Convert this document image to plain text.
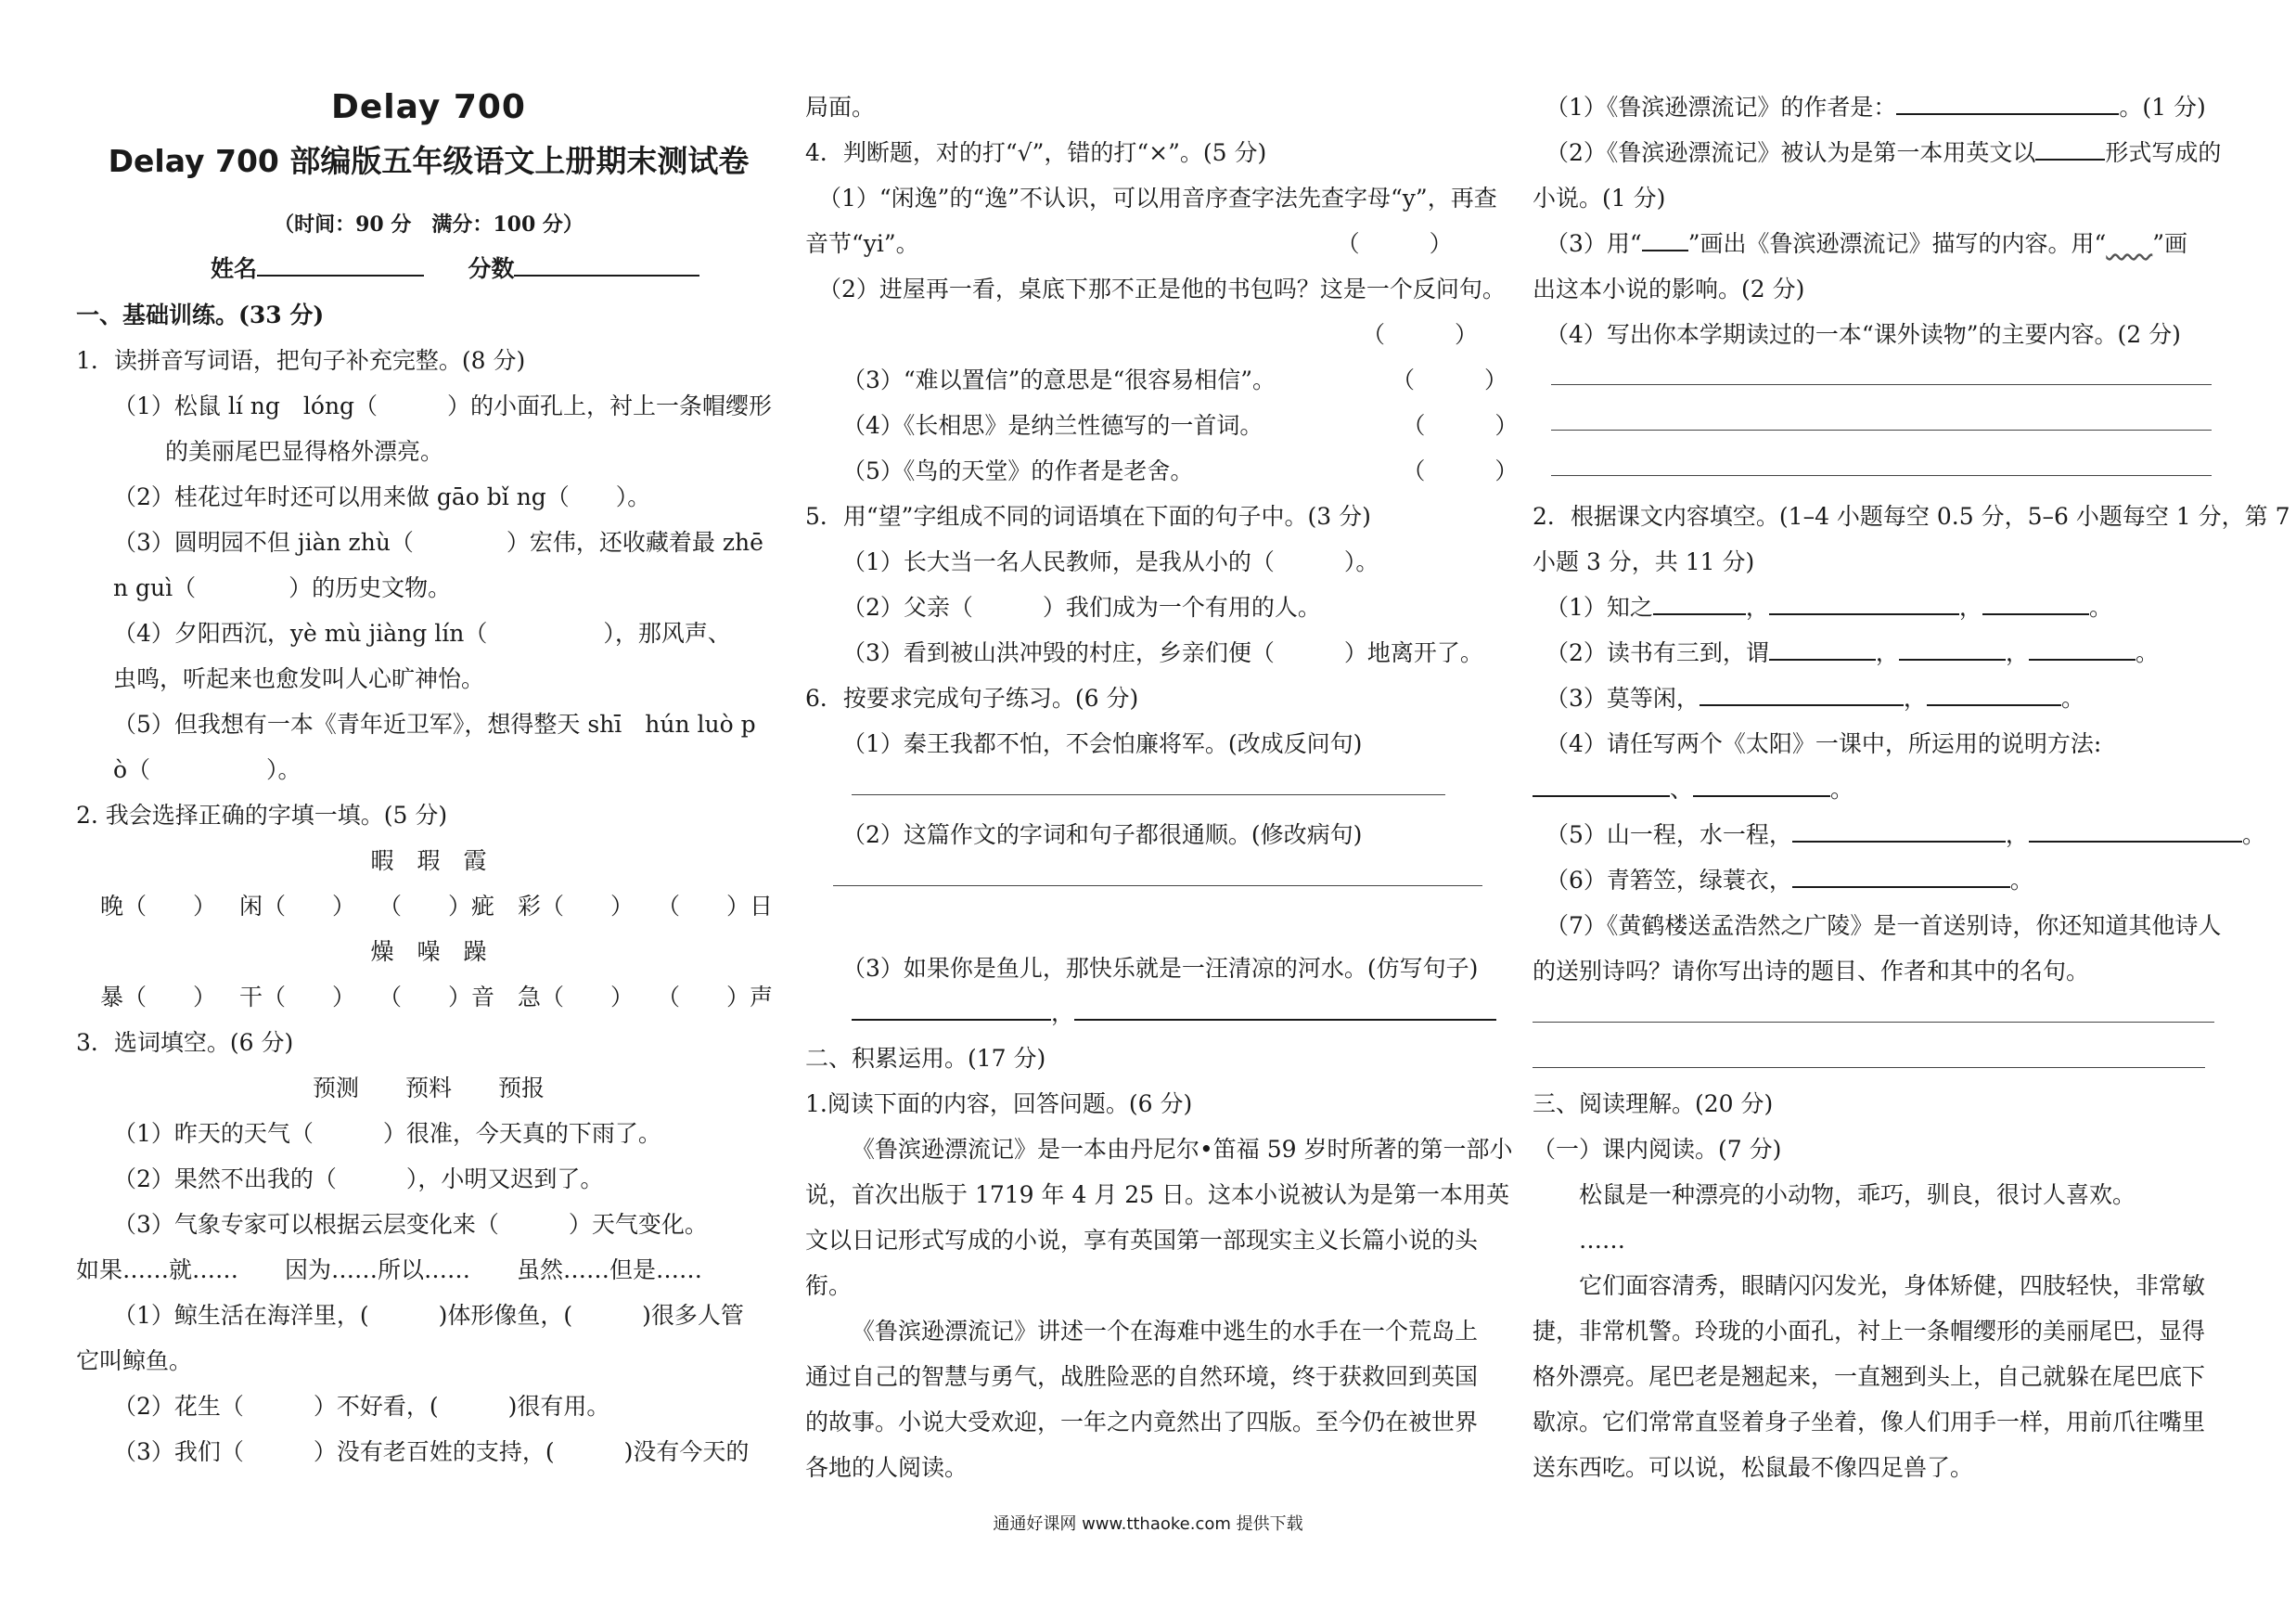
Delay 700
Delay 700 部编版五年级语文上册期末测试卷
（时间：90 分　满分：100 分）
姓名	分数
一、基础训练。(33 分)
1．读拼音写词语，把句子补充完整。(8 分)
（1）松鼠 lí ng　lóng（　　　）的小面孔上，衬上一条帽缨形
的美丽尾巴显得格外漂亮。
（2）桂花过年时还可以用来做 gāo bǐ ng（　　）。
（3）圆明园不但 jiàn zhù（　　　　）宏伟，还收藏着最 zhē
n guì（　　　　）的历史文物。
（4）夕阳西沉，yè mù jiàng lín（　　　　　），那风声、
虫鸣，听起来也愈发叫人心旷神怡。
（5）但我想有一本《青年近卫军》，想得整天 shī　hún luò p
ò（　　　　　）。
2. 我会选择正确的字填一填。(5 分)
暇　瑕　霞
晚（　　） 闲（　　） （　　）疵 彩（　　） （　　）日
燥　噪　躁
暴（　　） 干（　　） （　　）音 急（　　） （　　）声
3．选词填空。(6 分)
预测　　预料　　预报
（1）昨天的天气（　　　）很准，今天真的下雨了。
（2）果然不出我的（　　　），小明又迟到了。
（3）气象专家可以根据云层变化来（　　　）天气变化。
如果……就……　　因为……所以……　　虽然……但是……
（1）鲸生活在海洋里，(　　　)体形像鱼，(　　　)很多人管
它叫鲸鱼。
（2）花生（　　　）不好看，(　　　)很有用。
（3）我们（　　　）没有老百姓的支持，(　　　)没有今天的
局面。
4．判断题，对的打“√”，错的打“×”。(5 分)
（1）“闲逸”的“逸”不认识，可以用音序查字法先查字母“y”，再查
音节“yi”。　　　　　　　　　　　　　　　　　　　（　　　）
（2）进屋再一看，桌底下那不正是他的书包吗？这是一个反问句。
（　　　）
（3）“难以置信”的意思是“很容易相信”。　　　　　　（　　　）
（4）《长相思》是纳兰性德写的一首词。　　　　　　　（　　　）
（5）《鸟的天堂》的作者是老舍。　　　　　　　　　　（　　　）
5．用“望”字组成不同的词语填在下面的句子中。(3 分)
（1）长大当一名人民教师，是我从小的（　　　）。
（2）父亲（　　　）我们成为一个有用的人。
（3）看到被山洪冲毁的村庄，乡亲们便（　　　）地离开了。
6．按要求完成句子练习。(6 分)
（1）秦王我都不怕，不会怕廉将军。(改成反问句)
（2）这篇作文的字词和句子都很通顺。(修改病句)
（3）如果你是鱼儿，那快乐就是一汪清凉的河水。(仿写句子)
，
二、积累运用。(17 分)
1.阅读下面的内容，回答问题。(6 分)
《鲁滨逊漂流记》是一本由丹尼尔•笛福 59 岁时所著的第一部小
说，首次出版于 1719 年 4 月 25 日。这本小说被认为是第一本用英
文以日记形式写成的小说，享有英国第一部现实主义长篇小说的头
衔。
《鲁滨逊漂流记》讲述一个在海难中逃生的水手在一个荒岛上
通过自己的智慧与勇气，战胜险恶的自然环境，终于获救回到英国
的故事。小说大受欢迎，一年之内竟然出了四版。至今仍在被世界
各地的人阅读。
（1）《鲁滨逊漂流记》的作者是：	。(1 分)
（2）《鲁滨逊漂流记》被认为是第一本用英文以	形式写成的
小说。(1 分)
（3）用“ ”画出《鲁滨逊漂流记》描写的内容。用“　　 ”画
出这本小说的影响。(2 分)
（4）写出你本学期读过的一本“课外读物”的主要内容。(2 分)
2．根据课文内容填空。(1–4 小题每空 0.5 分，5–6 小题每空 1 分，第 7
小题 3 分，共 11 分)
（1）知之	，	，	。
（2）读书有三到，谓	，	，	。
（3）莫等闲，	，	。
（4）请任写两个《太阳》一课中，所运用的说明方法:
、	。
（5）山一程，水一程，	，	。
（6）青箬笠，绿蓑衣，	。
（7）《黄鹤楼送孟浩然之广陵》是一首送别诗，你还知道其他诗人
的送别诗吗？请你写出诗的题目、作者和其中的名句。
三、阅读理解。(20 分)
（一）课内阅读。(7 分)
松鼠是一种漂亮的小动物，乖巧，驯良，很讨人喜欢。
……
它们面容清秀，眼睛闪闪发光，身体矫健，四肢轻快，非常敏
捷，非常机警。玲珑的小面孔，衬上一条帽缨形的美丽尾巴，显得
格外漂亮。尾巴老是翘起来，一直翘到头上，自己就躲在尾巴底下
歇凉。它们常常直竖着身子坐着，像人们用手一样，用前爪往嘴里
送东西吃。可以说，松鼠最不像四足兽了。
通通好课网 www.tthaoke.com 提供下载
